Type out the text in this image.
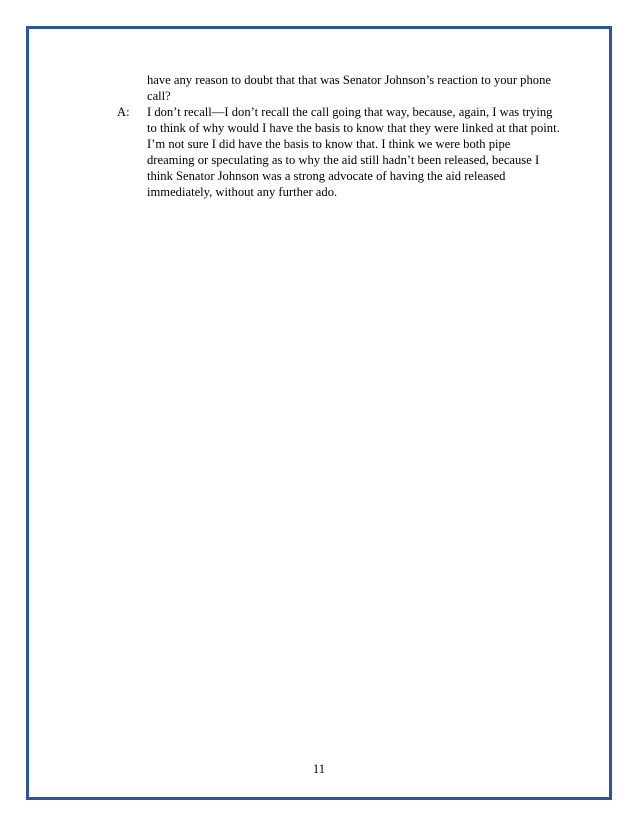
have any reason to doubt that that was Senator Johnson’s reaction to your phone
call?
A:	I don’t recall—I don’t recall the call going that way, because, again, I was trying
to think of why would I have the basis to know that they were linked at that point.
I’m not sure I did have the basis to know that. I think we were both pipe
dreaming or speculating as to why the aid still hadn’t been released, because I
think Senator Johnson was a strong advocate of having the aid released
immediately, without any further ado.
11
